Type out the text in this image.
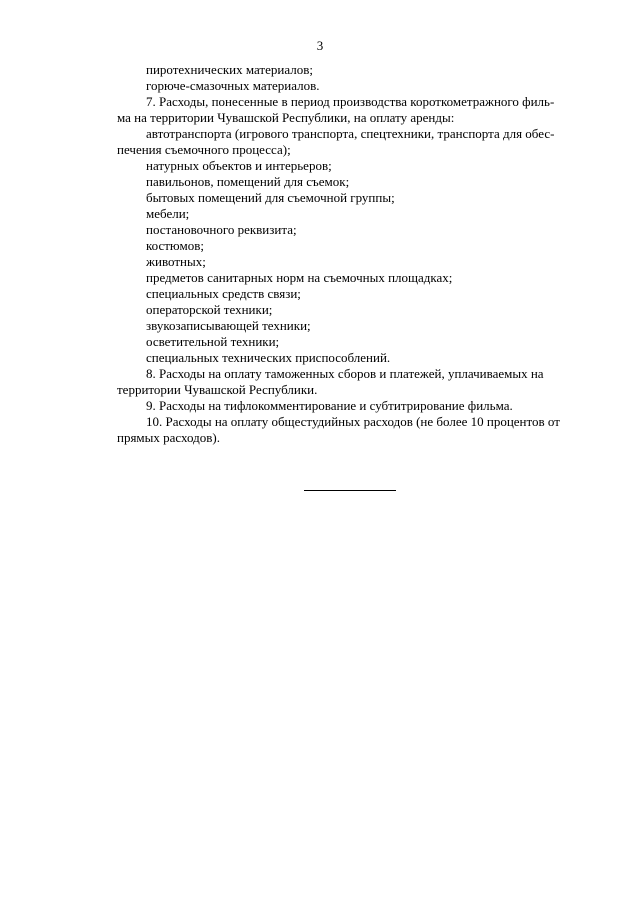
3
пиротехнических материалов;
горюче-смазочных материалов.
7. Расходы, понесенные в период производства короткометражного филь-
ма на территории Чувашской Республики, на оплату аренды:
автотранспорта (игрового транспорта, спецтехники, транспорта для обес-
печения съемочного процесса);
натурных объектов и интерьеров;
павильонов, помещений для съемок;
бытовых помещений для съемочной группы;
мебели;
постановочного реквизита;
костюмов;
животных;
предметов санитарных норм на съемочных площадках;
специальных средств связи;
операторской техники;
звукозаписывающей техники;
осветительной техники;
специальных технических приспособлений.
8. Расходы на оплату таможенных сборов и платежей, уплачиваемых на
территории Чувашской Республики.
9. Расходы на тифлокомментирование и субтитрирование фильма.
10. Расходы на оплату общестудийных расходов (не более 10 процентов от
прямых расходов).
